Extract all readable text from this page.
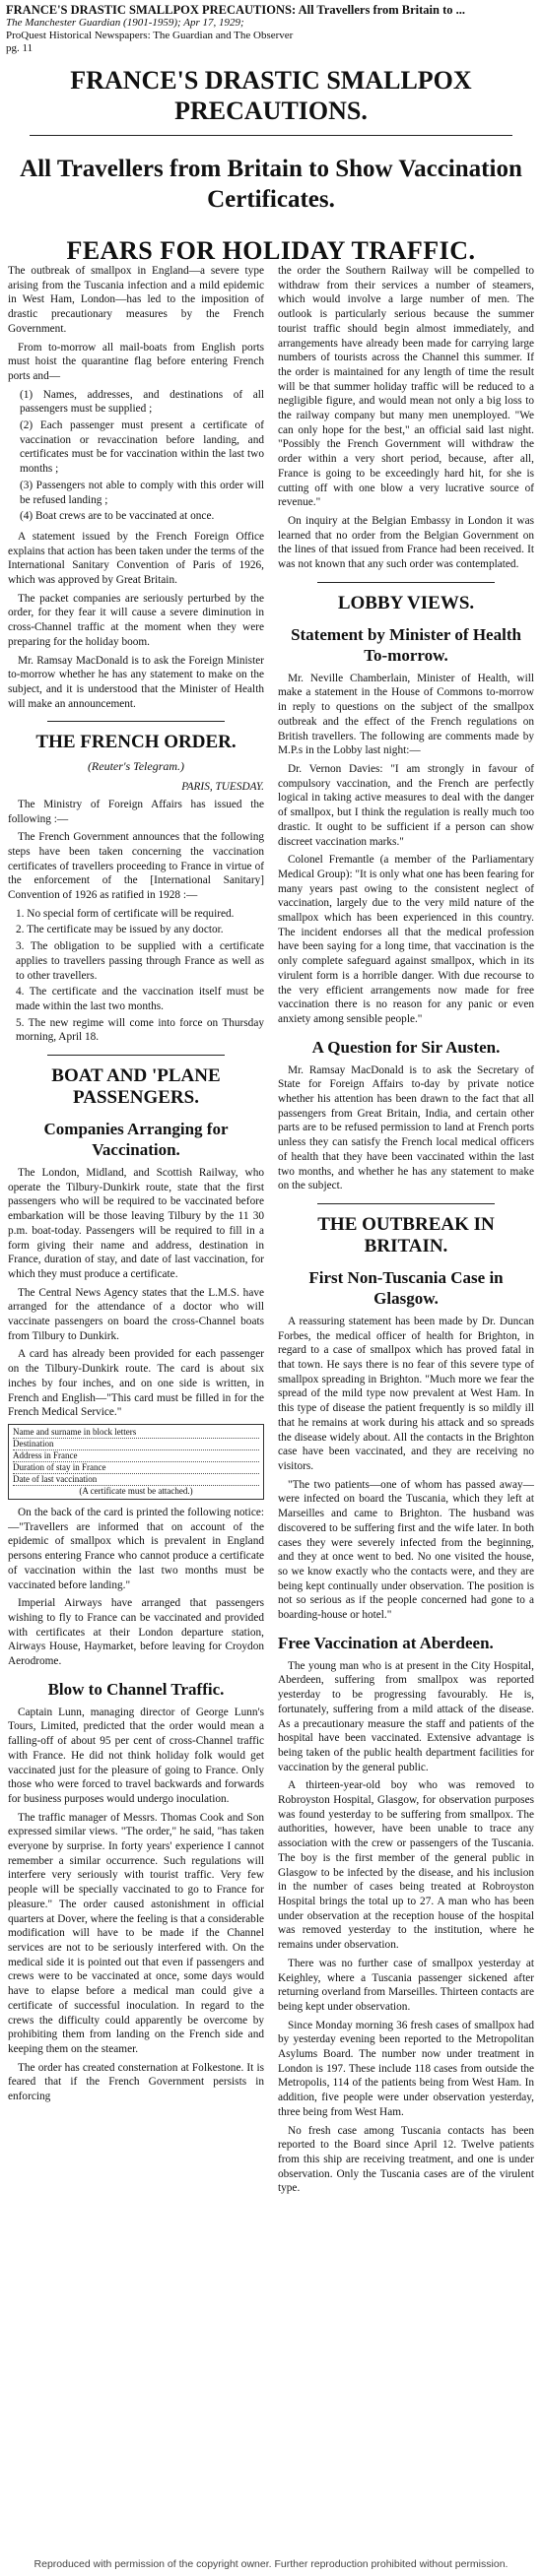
FRANCE'S DRASTIC SMALLPOX PRECAUTIONS: All Travellers from Britain to ...
The Manchester Guardian (1901-1959); Apr 17, 1929;
ProQuest Historical Newspapers: The Guardian and The Observer
pg. 11
FRANCE'S DRASTIC SMALLPOX PRECAUTIONS.
All Travellers from Britain to Show Vaccination Certificates.
FEARS FOR HOLIDAY TRAFFIC.

The outbreak of smallpox in England—a severe type arising from the Tuscania infection and a mild epidemic in West Ham, London—has led to the imposition of drastic precautionary measures by the French Government.

From to-morrow all mail-boats from English ports must hoist the quarantine flag before entering French ports and—

(1) Names, addresses, and destinations of all passengers must be supplied ;
(2) Each passenger must present a certificate of vaccination or revaccination before landing, and certificates must be for vaccination within the last two months ;
(3) Passengers not able to comply with this order will be refused landing ;
(4) Boat crews are to be vaccinated at once.

A statement issued by the French Foreign Office explains that action has been taken under the terms of the International Sanitary Convention of Paris of 1926, which was approved by Great Britain.

The packet companies are seriously perturbed by the order, for they fear it will cause a severe diminution in cross-Channel traffic at the moment when they were preparing for the holiday boom.

Mr. Ramsay MacDonald is to ask the Foreign Minister to-morrow whether he has any statement to make on the subject, and it is understood that the Minister of Health will make an announcement.

THE FRENCH ORDER.
(Reuter's Telegram.)
PARIS, TUESDAY.

The Ministry of Foreign Affairs has issued the following :—

The French Government announces that the following steps have been taken concerning the vaccination certificates of travellers proceeding to France in virtue of the enforcement of the [International Sanitary] Convention of 1926 as ratified in 1928 :—

1. No special form of certificate will be required.
2. The certificate may be issued by any doctor.
3. The obligation to be supplied with a certificate applies to travellers passing through France as well as to other travellers.
4. The certificate and the vaccination itself must be made within the last two months.
5. The new regime will come into force on Thursday morning, April 18.
BOAT AND 'PLANE PASSENGERS.
Companies Arranging for Vaccination.

The London, Midland, and Scottish Railway, who operate the Tilbury-Dunkirk route, state that the first passengers who will be required to be vaccinated before embarkation will be those leaving Tilbury by the 11 30 p.m. boat-today. Passengers will be required to fill in a form giving their name and address, destination in France, duration of stay, and date of last vaccination, for which they must produce a certificate.

The Central News Agency states that the L.M.S. have arranged for the attendance of a doctor who will vaccinate passengers on board the cross-Channel boats from Tilbury to Dunkirk.

A card has already been provided for each passenger on the Tilbury-Dunkirk route. The card is about six inches by four inches, and on one side is written, in French and English—"This card must be filled in for the French Medical Service."

Name and surname in block letters
Destination
Address in France
Duration of stay in France
Date of last vaccination
(A certificate must be attached.)

On the back of the card is printed the following notice:—"Travellers are informed that on account of the epidemic of smallpox which is prevalent in England persons entering France who cannot produce a certificate of vaccination within the last two months must be vaccinated before landing."

Imperial Airways have arranged that passengers wishing to fly to France can be vaccinated and provided with certificates at their London departure station, Airways House, Haymarket, before leaving for Croydon Aerodrome.

Blow to Channel Traffic.

Captain Lunn, managing director of George Lunn's Tours, Limited, predicted that the order would mean a falling-off of about 95 per cent of cross-Channel traffic with France. He did not think holiday folk would get vaccinated just for the pleasure of going to France. Only those who were forced to travel backwards and forwards for business purposes would undergo inoculation.

The traffic manager of Messrs. Thomas Cook and Son expressed similar views. "The order," he said, "has taken everyone by surprise. In forty years' experience I cannot remember a similar occurrence. Such regulations will interfere very seriously with tourist traffic. Very few people will be specially vaccinated to go to France for pleasure." The order caused astonishment in official quarters at Dover, where the feeling is that a considerable modification will have to be made if the Channel services are not to be seriously interfered with. On the medical side it is pointed out that even if passengers and crews were to be vaccinated at once, some days would have to elapse before a medical man could give a certificate of successful inoculation. In regard to the crews the difficulty could apparently be overcome by prohibiting them from landing on the French side and keeping them on the steamer.

The order has created consternation at Folkestone. It is feared that if the French Government persists in enforcing

the order the Southern Railway will be compelled to withdraw from their services a number of steamers, which would involve a large number of men. The outlook is particularly serious because the summer tourist traffic should begin almost immediately, and arrangements have already been made for carrying large numbers of tourists across the Channel this summer. If the order is maintained for any length of time the result will be that summer holiday traffic will be reduced to a negligible figure, and would mean not only a big loss to the railway company but many men unemployed. "We can only hope for the best," an official said last night. "Possibly the French Government will withdraw the order within a very short period, because, after all, France is going to be exceedingly hard hit, for she is cutting off with one blow a very lucrative source of revenue."

On inquiry at the Belgian Embassy in London it was learned that no order from the Belgian Government on the lines of that issued from France had been received. It was not known that any such order was contemplated.

LOBBY VIEWS.
Statement by Minister of Health To-morrow.

Mr. Neville Chamberlain, Minister of Health, will make a statement in the House of Commons to-morrow in reply to questions on the subject of the smallpox outbreak and the effect of the French regulations on British travellers. The following are comments made by M.P.s in the Lobby last night:—

Dr. Vernon Davies: "I am strongly in favour of compulsory vaccination, and the French are perfectly logical in taking active measures to deal with the danger of smallpox, but I think the regulation is really much too drastic. It ought to be sufficient if a person can show discreet vaccination marks."

Colonel Fremantle (a member of the Parliamentary Medical Group): "It is only what one has been fearing for many years past owing to the consistent neglect of vaccination, largely due to the very mild nature of the smallpox which has been experienced in this country. The incident endorses all that the medical profession have been saying for a long time, that vaccination is the only complete safeguard against smallpox, which in its virulent form is a horrible danger. With due recourse to the very efficient arrangements now made for free vaccination there is no reason for any panic or even anxiety among sensible people."

A Question for Sir Austen.

Mr. Ramsay MacDonald is to ask the Secretary of State for Foreign Affairs to-day by private notice whether his attention has been drawn to the fact that all passengers from Great Britain, India, and certain other parts are to be refused permission to land at French ports unless they can satisfy the French local medical officers of health that they have been vaccinated within the last two months, and whether he has any statement to make on the subject.

THE OUTBREAK IN BRITAIN.
First Non-Tuscania Case in Glasgow.

A reassuring statement has been made by Dr. Duncan Forbes, the medical officer of health for Brighton, in regard to a case of smallpox which has proved fatal in that town. He says there is no fear of this severe type of smallpox spreading in Brighton. "Much more we fear the spread of the mild type now prevalent at West Ham. In this type of disease the patient frequently is so mildly ill that he remains at work during his attack and so spreads the disease widely about. All the contacts in the Brighton case have been vaccinated, and they are receiving no visitors.

"The two patients—one of whom has passed away—were infected on board the Tuscania, which they left at Marseilles and came to Brighton. The husband was discovered to be suffering first and the wife later. In both cases they were severely infected from the beginning, and they at once went to bed. No one visited the house, so we know exactly who the contacts were, and they are being kept continually under observation. The position is not so serious as if the people concerned had gone to a boarding-house or hotel."

Free Vaccination at Aberdeen.

The young man who is at present in the City Hospital, Aberdeen, suffering from smallpox was reported yesterday to be progressing favourably. He is, fortunately, suffering from a mild attack of the disease. As a precautionary measure the staff and patients of the hospital have been vaccinated. Extensive advantage is being taken of the public health department facilities for vaccination by the general public.

A thirteen-year-old boy who was removed to Robroyston Hospital, Glasgow, for observation purposes was found yesterday to be suffering from smallpox. The authorities, however, have been unable to trace any association with the crew or passengers of the Tuscania. The boy is the first member of the general public in Glasgow to be infected by the disease, and his inclusion in the number of cases being treated at Robroyston Hospital brings the total up to 27. A man who has been under observation at the reception house of the hospital was removed yesterday to the institution, where he remains under observation.

There was no further case of smallpox yesterday at Keighley, where a Tuscania passenger sickened after returning overland from Marseilles. Thirteen contacts are being kept under observation.

Since Monday morning 36 fresh cases of smallpox had by yesterday evening been reported to the Metropolitan Asylums Board. The number now under treatment in London is 197. These include 118 cases from outside the Metropolis, 114 of the patients being from West Ham. In addition, five people were under observation yesterday, three being from West Ham.

No fresh case among Tuscania contacts has been reported to the Board since April 12. Twelve patients from this ship are receiving treatment, and one is under observation. Only the Tuscania cases are of the virulent type.

Reproduced with permission of the copyright owner. Further reproduction prohibited without permission.
